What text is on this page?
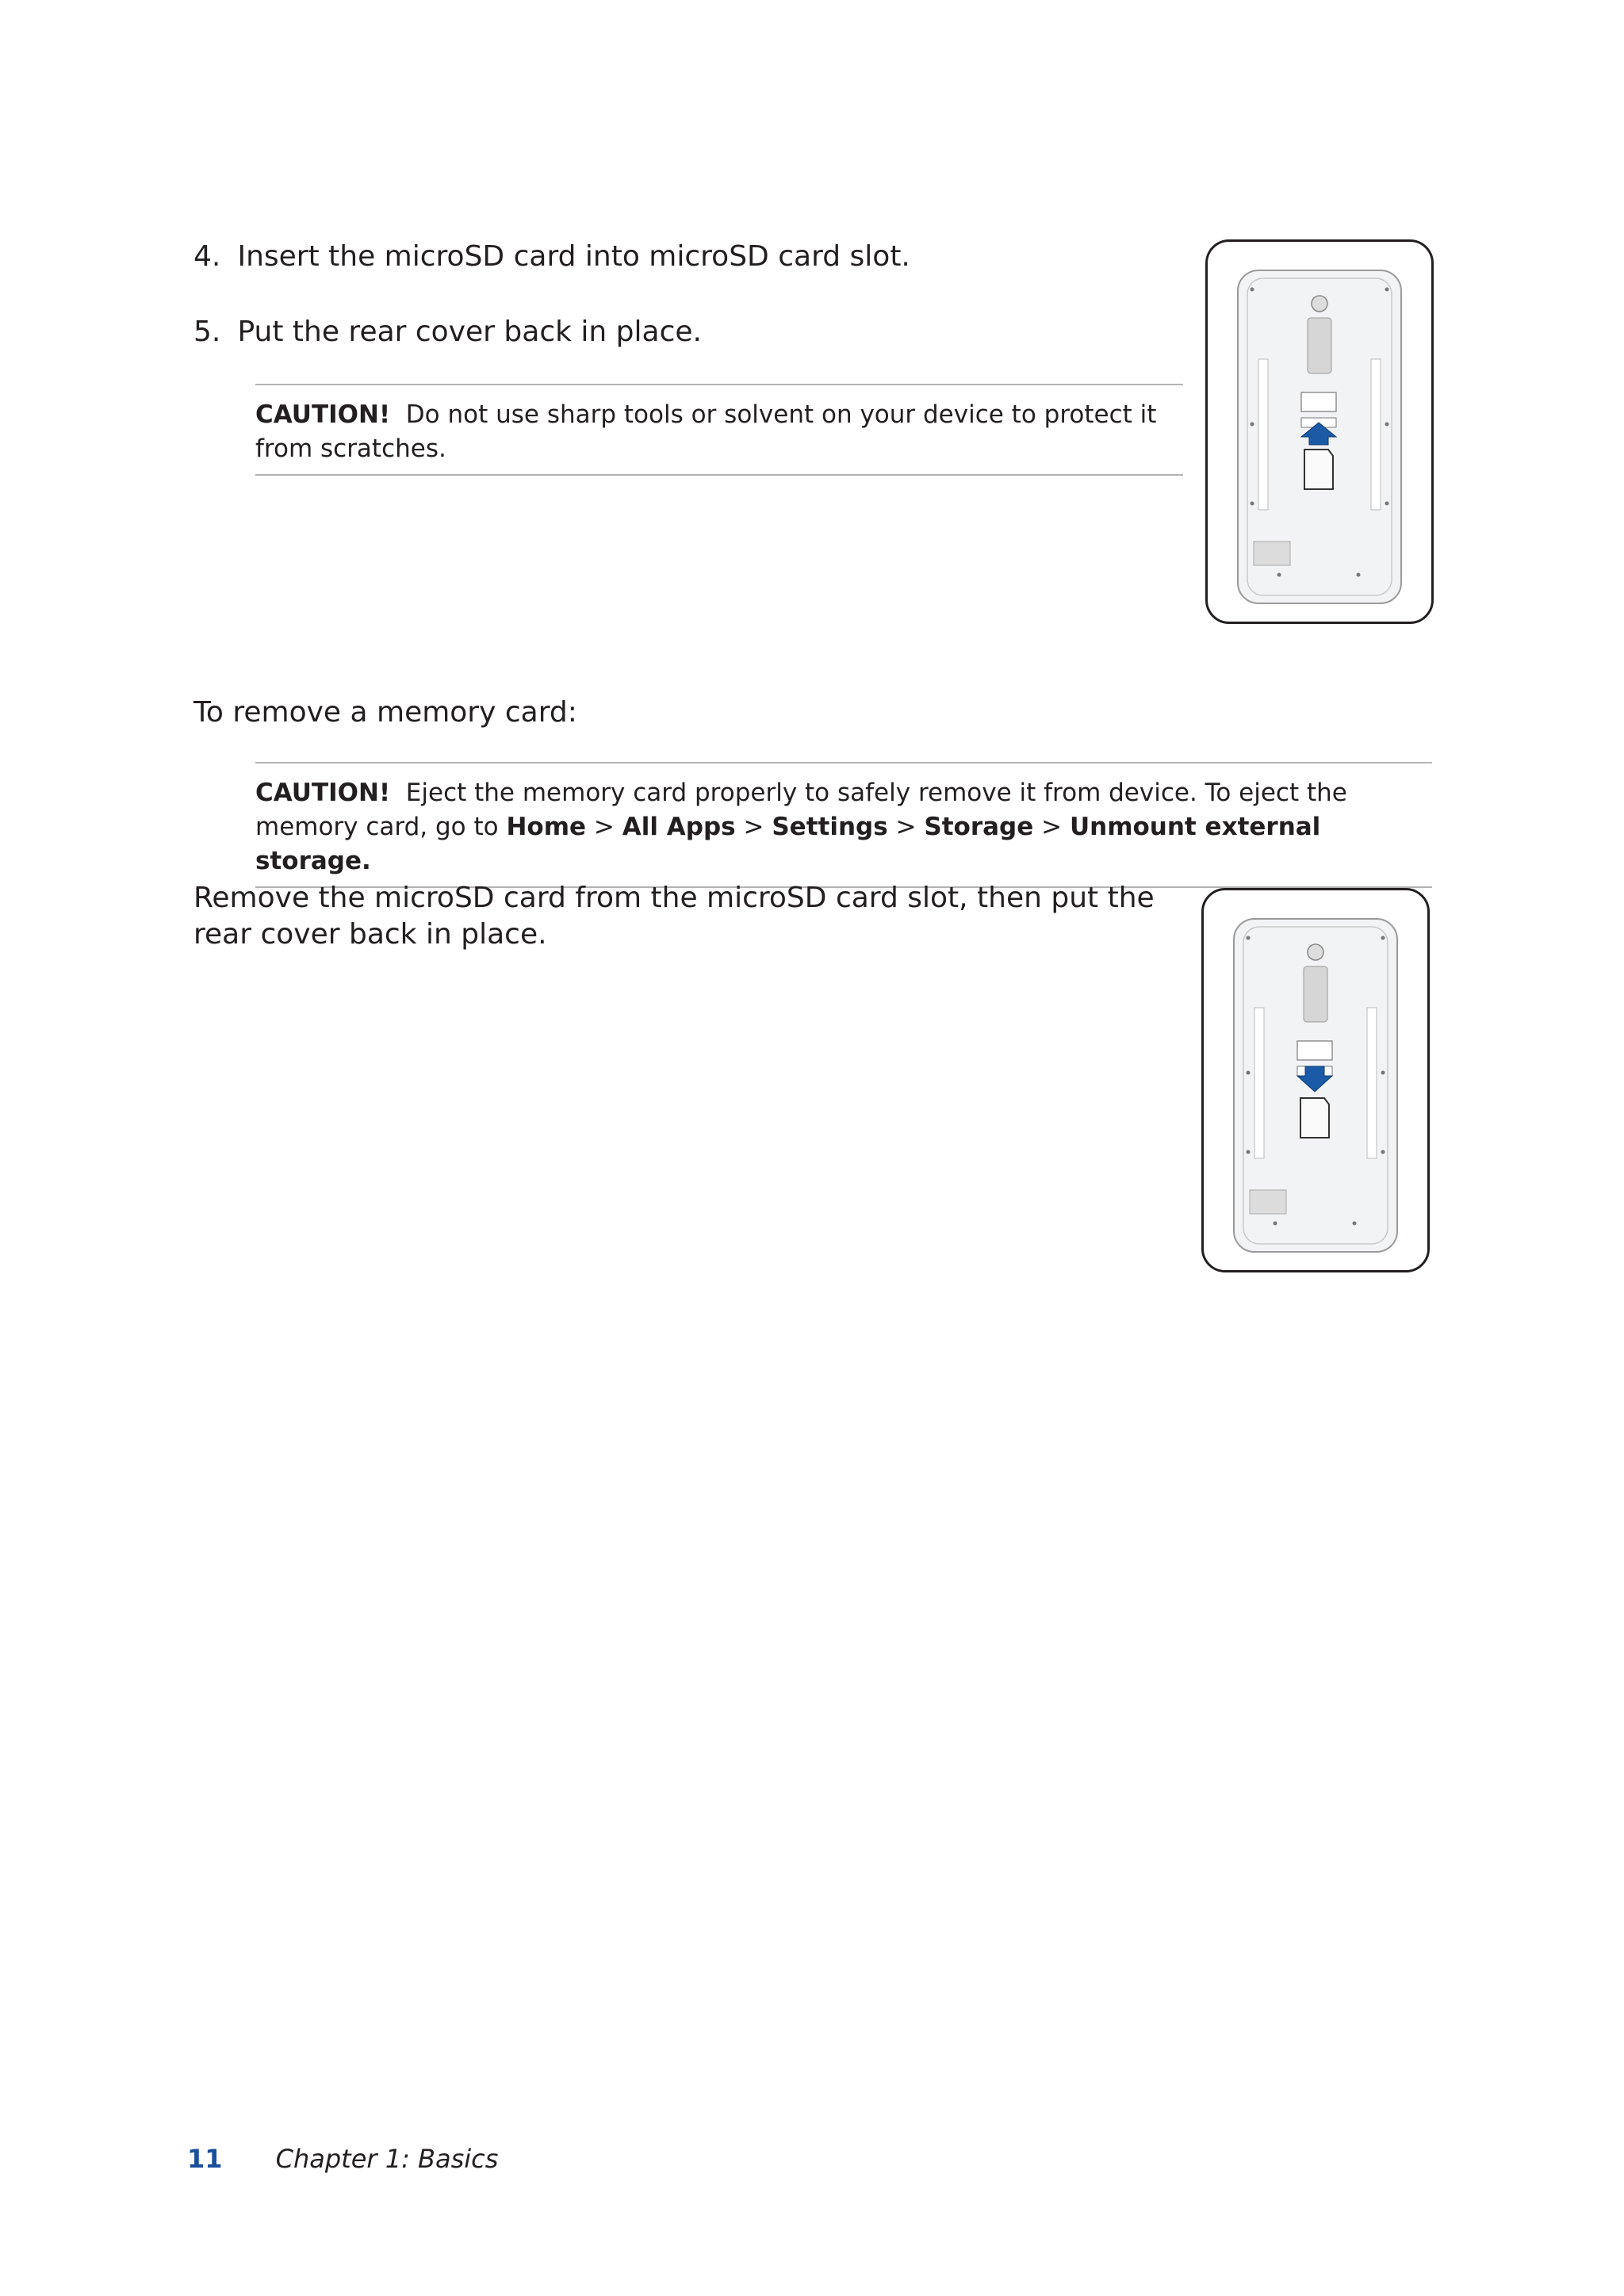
4. Insert the microSD card into microSD card slot.
5. Put the rear cover back in place.
CAUTION! Do not use sharp tools or solvent on your device to protect it from scratches.
To remove a memory card:
CAUTION! Eject the memory card properly to safely remove it from device. To eject the memory card, go to Home > All Apps > Settings > Storage > Unmount external storage.
Remove the microSD card from the microSD card slot, then put the rear cover back in place.
11 Chapter 1: Basics
